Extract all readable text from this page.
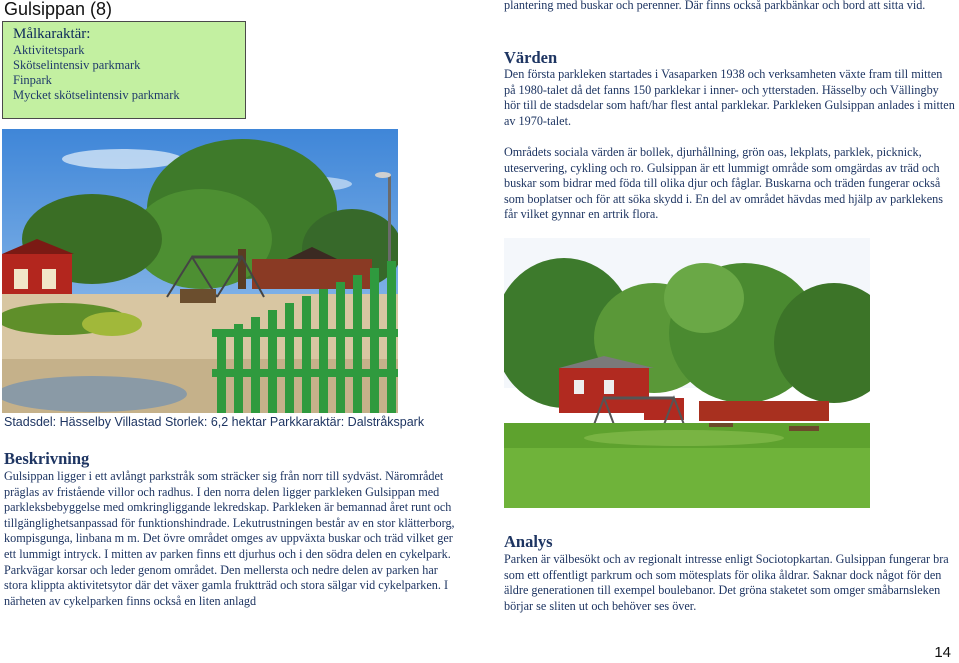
Gulsippan (8)
Målkaraktär:
Aktivitetspark
Skötselintensiv parkmark
Finpark
Mycket skötselintensiv parkmark
Stadsdel: Hässelby Villastad Storlek: 6,2 hektar Parkkaraktär: Dalstråkspark
Beskrivning
Gulsippan ligger i ett avlångt parkstråk som sträcker sig från norr till sydväst. Närområdet präglas av fristående villor och radhus. I den norra delen ligger parkleken Gulsippan med parkleksbebyggelse med omkringliggande lekredskap. Parkleken är bemannad året runt och tillgänglighetsanpassad för funktionshindrade. Lekutrustningen består av en stor klätterborg, kompisgunga, linbana m m. Det övre området omges av uppväxta buskar och träd vilket ger ett lummigt intryck. I mitten av parken finns ett djurhus och i den södra delen en cykelpark. Parkvägar korsar och leder genom området. Den mellersta och nedre delen av parken har stora klippta aktivitetsytor där det växer gamla fruktträd och stora sälgar vid cykelparken. I närheten av cykelparken finns också en liten anlagd
plantering med buskar och perenner. Där finns också parkbänkar och bord att sitta vid.
Värden
Den första parkleken startades i Vasaparken 1938 och verksamheten växte fram till mitten på 1980-talet då det fanns 150 parklekar i inner- och ytterstaden. Hässelby och Vällingby hör till de stadsdelar som haft/har flest antal parklekar. Parkleken Gulsippan anlades i mitten av 1970-talet.
Områdets sociala värden är bollek, djurhållning, grön oas, lekplats, parklek, picknick, uteservering, cykling och ro. Gulsippan är ett lummigt område som omgärdas av träd och buskar som bidrar med föda till olika djur och fåglar. Buskarna och träden fungerar också som boplatser och för att söka skydd i. En del av området hävdas med hjälp av parklekens får vilket gynnar en artrik flora.
Analys
Parken är välbesökt och av regionalt intresse enligt Sociotopkartan. Gulsippan fungerar bra som ett offentligt parkrum och som mötesplats för olika åldrar. Saknar dock något för den äldre generationen till exempel boulebanor. Det gröna staketet som omger småbarnsleken börjar se sliten ut och behöver ses över.
14
